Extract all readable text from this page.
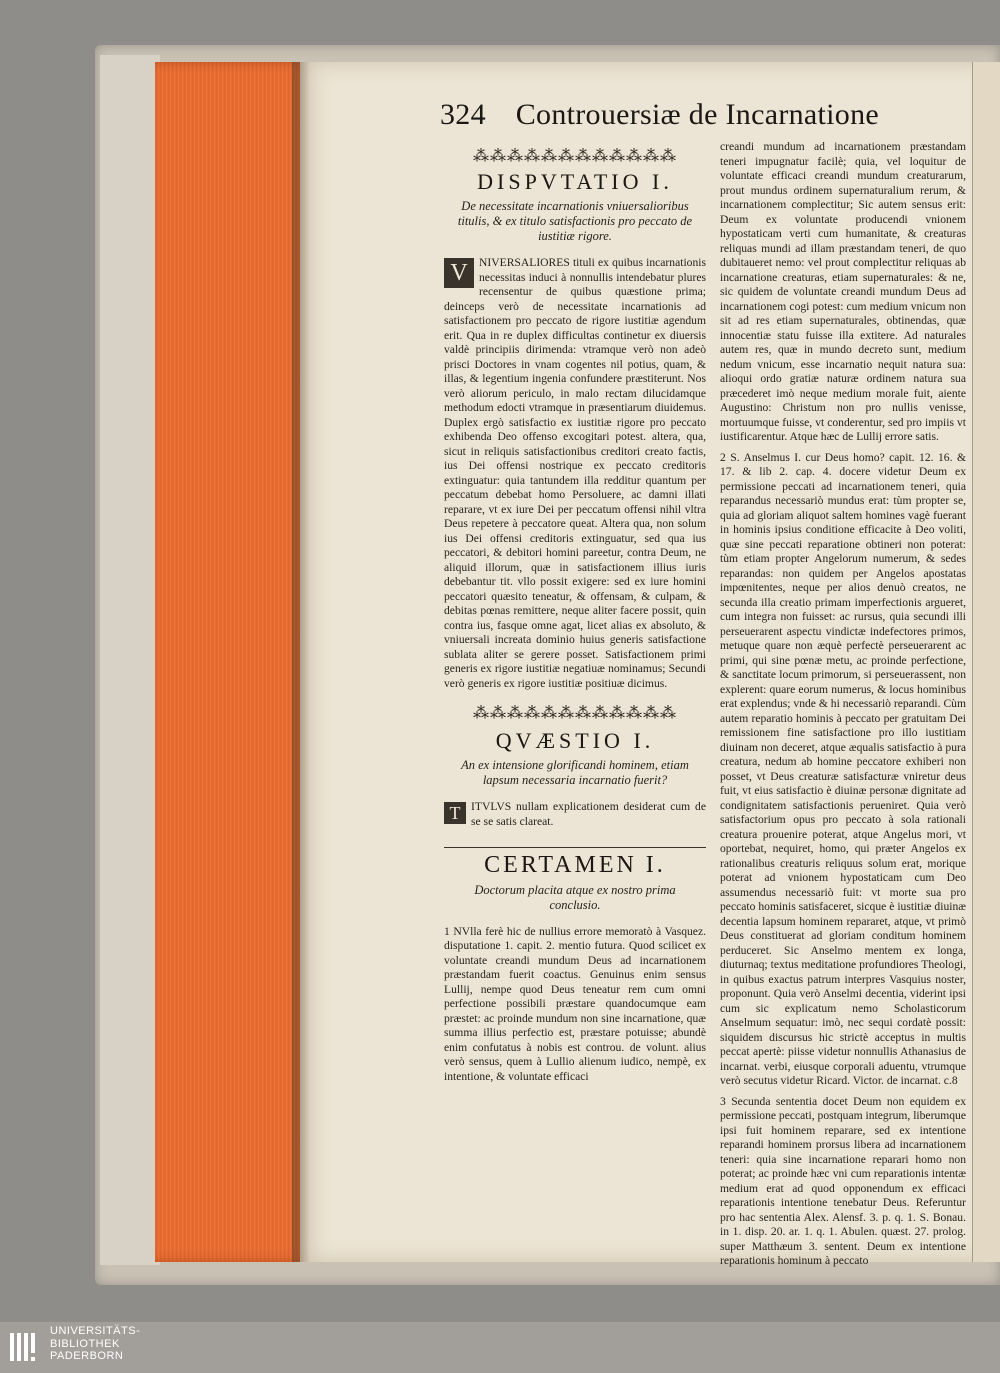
324 Controuersiæ de Incarnatione
⁂⁂⁂⁂⁂⁂⁂⁂⁂⁂⁂⁂
DISPVTATIO I.
De necessitate incarnationis vniuersalioribus titulis, & ex titulo satisfactionis pro peccato de iustitiæ rigore.

V NIVERSALIORES tituli ex quibus incarnationis necessitas induci à nonnullis intendebatur plures recensentur de quibus quæstione prima; deinceps verò de necessitate incarnationis ad satisfactionem pro peccato de rigore iustitiæ agendum erit. Qua in re duplex difficultas continetur ex diuersis valdè principiis dirimenda: vtramque verò non adeò prisci Doctores in vnam cogentes nil potius, quam, & illas, & legentium ingenia confundere præstiterunt. Nos verò aliorum periculo, in malo rectam dilucidamque methodum edocti vtramque in præsentiarum diuidemus. Duplex ergò satisfactio ex iustitiæ rigore pro peccato exhibenda Deo offenso excogitari potest. altera, qua, sicut in reliquis satisfactionibus creditori creato factis, ius Dei offensi nostrique ex peccato creditoris extinguatur: quia tantundem illa redditur quantum per peccatum debebat homo Persoluere, ac damni illati reparare, vt ex iure Dei per peccatum offensi nihil vltra Deus repetere à peccatore queat. Altera qua, non solum ius Dei offensi creditoris extinguatur, sed qua ius peccatori, & debitori homini pareetur, contra Deum, ne aliquid illorum, quæ in satisfactionem illius iuris debebantur tit. vllo possit exigere: sed ex iure homini peccatori quæsito teneatur, & offensam, & culpam, & debitas pœnas remittere, neque aliter facere possit, quin contra ius, fasque omne agat, licet alias ex absoluto, & vniuersali increata dominio huius generis satisfactione sublata aliter se gerere posset. Satisfactionem primi generis ex rigore iustitiæ negatiuæ nominamus; Secundi verò generis ex rigore iustitiæ positiuæ dicimus.

⁂⁂⁂⁂⁂⁂⁂⁂⁂⁂⁂⁂
QVÆSTIO I.
An ex intensione glorificandi hominem, etiam lapsum necessaria incarnatio fuerit?

T ITVLVS nullam explicationem desiderat cum de se se satis clareat.

CERTAMEN I.
Doctorum placita atque ex nostro prima conclusio.

1 NVlla ferè hic de nullius errore memoratò à Vasquez. disputatione 1. capit. 2. mentio futura. Quod scilicet ex voluntate creandi mundum Deus ad incarnationem præstandam fuerit coactus. Genuinus enim sensus Lullij, nempe quod Deus teneatur rem cum omni perfectione possibili præstare quandocumque eam præstet: ac proinde mundum non sine incarnatione, quæ summa illius perfectio est, præstare potuisse; abundè enim confutatus à nobis est controu. de volunt. alius verò sensus, quem à Lullio alienum iudico, nempè, ex intentione, & voluntate efficaci

creandi mundum ad incarnationem præstandam teneri impugnatur facilè; quia, vel loquitur de voluntate efficaci creandi mundum creaturarum, prout mundus ordinem supernaturalium rerum, & incarnationem complectitur; Sic autem sensus erit: Deum ex voluntate producendi vnionem hypostaticam verti cum humanitate, & creaturas reliquas mundi ad illam præstandam teneri, de quo dubitaueret nemo: vel prout complectitur reliquas ab incarnatione creaturas, etiam supernaturales: & ne, sic quidem de voluntate creandi mundum Deus ad incarnationem cogi potest: cum medium vnicum non sit ad res etiam supernaturales, obtinendas, quæ innocentiæ statu fuisse illa extitere. Ad naturales autem res, quæ in mundo decreto sunt, medium nedum vnicum, esse incarnatio nequit natura sua: alioqui ordo gratiæ naturæ ordinem natura sua præcederet imò neque medium morale fuit, aiente Augustino: Christum non pro nullis venisse, mortuumque fuisse, vt conderentur, sed pro impiis vt iustificarentur. Atque hæc de Lullij errore satis.

2 S. Anselmus I. cur Deus homo? capit. 12. 16. & 17. & lib 2. cap. 4. docere videtur Deum ex permissione peccati ad incarnationem teneri, quia reparandus necessariò mundus erat: tùm propter se, quia ad gloriam aliquot saltem homines vagè fuerant in hominis ipsius conditione efficacite à Deo voliti, quæ sine peccati reparatione obtineri non poterat: tùm etiam propter Angelorum numerum, & sedes reparandas: non quidem per Angelos apostatas impœnitentes, neque per alios denuò creatos, ne secunda illa creatio primam imperfectionis argueret, cum integra non fuisset: ac rursus, quia secundi illi perseuerarent aspectu vindictæ indefectores primos, metuque quare non æquè perfectè perseuerarent ac primi, qui sine pœnæ metu, ac proinde perfectione, & sanctitate locum primorum, si perseuerassent, non explerent: quare eorum numerus, & locus hominibus erat explendus; vnde & hi necessariò reparandi. Cùm autem reparatio hominis à peccato per gratuitam Dei remissionem fine satisfactione pro illo iustitiam diuinam non deceret, atque æqualis satisfactio à pura creatura, nedum ab homine peccatore exhiberi non posset, vt Deus creaturæ satisfacturæ vniretur deus fuit, vt eius satisfactio è diuinæ personæ dignitate ad condignitatem satisfactionis perueniret. Quia verò satisfactorium opus pro peccato à sola rationali creatura prouenire poterat, atque Angelus mori, vt oportebat, nequiret, homo, qui præter Angelos ex rationalibus creaturis reliquus solum erat, morique poterat ad vnionem hypostaticam cum Deo assumendus necessariò fuit: vt morte sua pro peccato hominis satisfaceret, sicque è iustitiæ diuinæ decentia lapsum hominem repararet, atque, vt primò Deus constituerat ad gloriam conditum hominem perduceret. Sic Anselmo mentem ex longa, diuturnaq; textus meditatione profundiores Theologi, in quibus exactus patrum interpres Vasquius noster, proponunt. Quia verò Anselmi decentia, viderint ipsi cum sic explicatum nemo Scholasticorum Anselmum sequatur: imò, nec sequi cordatè possit: siquidem discursus hic strictè acceptus in multis peccat apertè: piisse videtur nonnullis Athanasius de incarnat. verbi, eiusque corporali aduentu, vtrumque verò secutus videtur Ricard. Victor. de incarnat. c.8

3 Secunda sententia docet Deum non equidem ex permissione peccati, postquam integrum, liberumque ipsi fuit hominem reparare, sed ex intentione reparandi hominem prorsus libera ad incarnationem teneri: quia sine incarnatione reparari homo non poterat; ac proinde hæc vni cum reparationis intentæ medium erat ad quod opponendum ex efficaci reparationis intentione tenebatur Deus. Referuntur pro hac sententia Alex. Alensf. 3. p. q. 1. S. Bonau. in 1. disp. 20. ar. 1. q. 1. Abulen. quæst. 27. prolog. super Matthæum 3. sentent. Deum ex intentione reparationis hominum à peccato

UNIVERSITÄTS-
BIBLIOTHEK
PADERBORN
